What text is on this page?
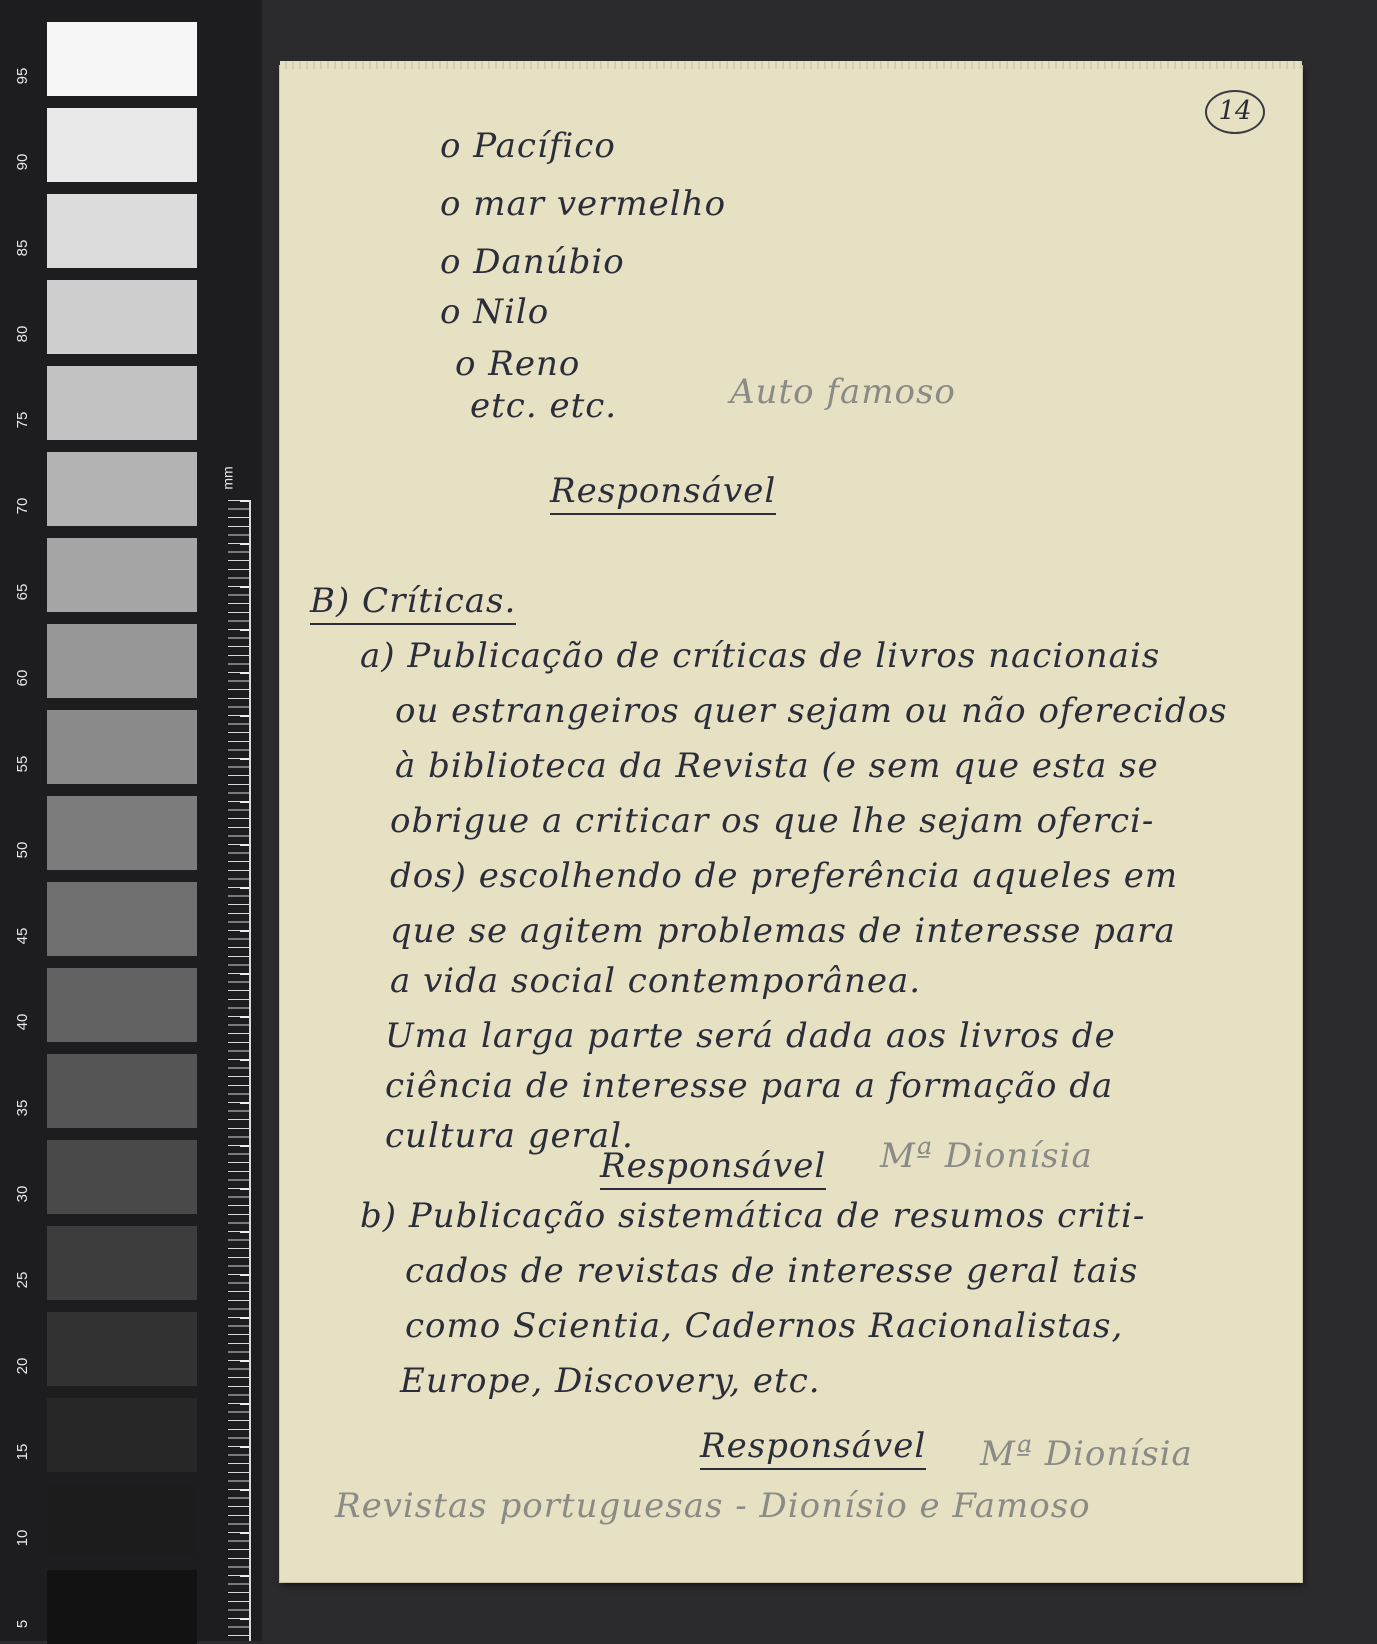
95
90
85
80
75
70
65
60
55
50
45
40
35
30
25
20
15
10
5
mm
14
o Pacífico
o mar vermelho
o Danúbio
o Nilo
o Reno
etc. etc.	Auto famoso
Responsável
B) Críticas.
a) Publicação de críticas de livros nacionais
ou estrangeiros quer sejam ou não oferecidos
à biblioteca da Revista (e sem que esta se
obrigue a criticar os que lhe sejam oferci-
dos) escolhendo de preferência aqueles em
que se agitem problemas de interesse para
a vida social contemporânea.
Uma larga parte será dada aos livros de
ciência de interesse para a formação da
cultura geral.
Responsável Mª Dionísia
b) Publicação sistemática de resumos criti-
cados de revistas de interesse geral tais
como Scientia, Cadernos Racionalistas,
Europe, Discovery, etc.
Responsável Mª Dionísia
Revistas portuguesas - Dionísio e Famoso
